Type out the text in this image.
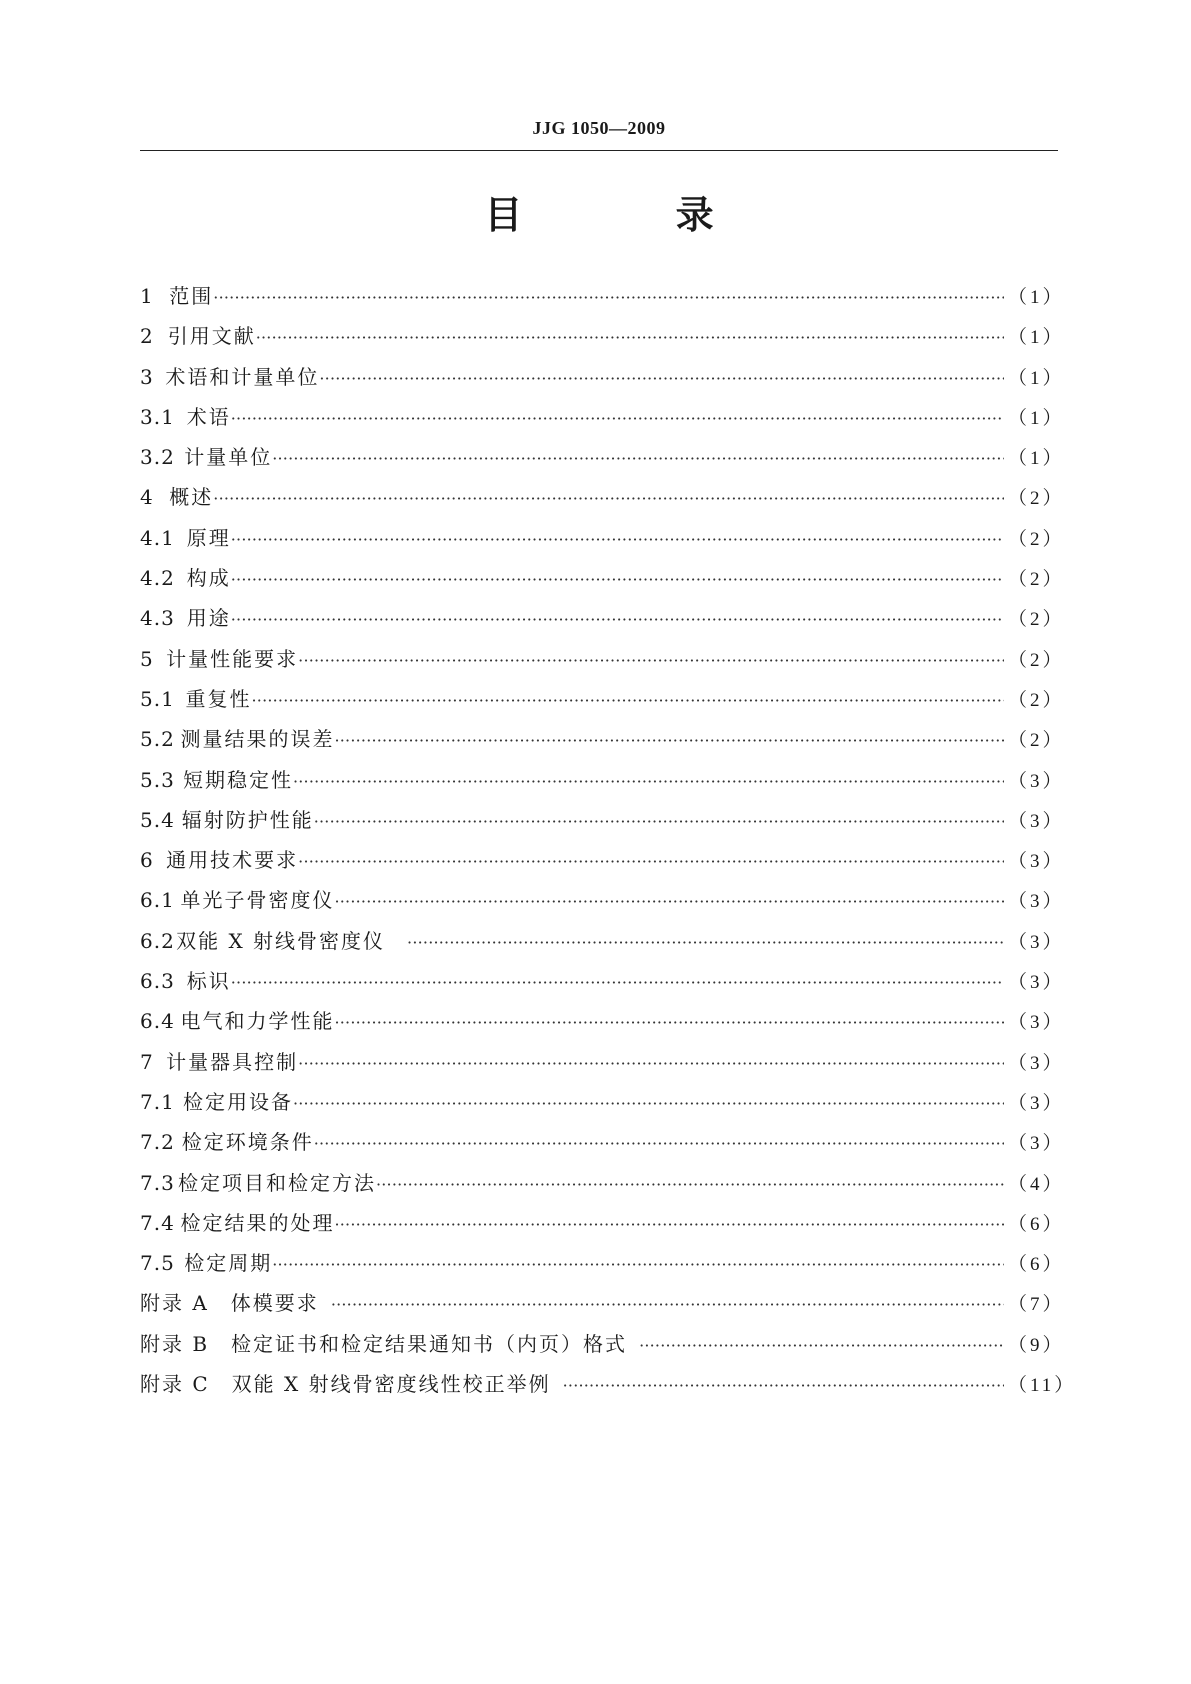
JJG 1050—2009
目 录
1 范围 ·····	（1）
2 引用文献 ·····	（1）
3 术语和计量单位 ·····	（1）
3.1 术语 ·····	（1）
3.2 计量单位 ·····	（1）
4 概述 ·····	（2）
4.1 原理 ·····	（2）
4.2 构成 ·····	（2）
4.3 用途 ·····	（2）
5 计量性能要求 ·····	（2）
5.1 重复性 ·····	（2）
5.2 测量结果的误差 ·····	（2）
5.3 短期稳定性 ·····	（3）
5.4 辐射防护性能 ·····	（3）
6 通用技术要求 ·····	（3）
6.1 单光子骨密度仪 ·····	（3）
6.2 双能 X 射线骨密度仪 ·····	（3）
6.3 标识 ·····	（3）
6.4 电气和力学性能 ·····	（3）
7 计量器具控制 ·····	（3）
7.1 检定用设备 ·····	（3）
7.2 检定环境条件 ·····	（3）
7.3 检定项目和检定方法 ·····	（4）
7.4 检定结果的处理 ·····	（6）
7.5 检定周期 ·····	（6）
附录 A　体模要求 ·····	（7）
附录 B　检定证书和检定结果通知书（内页）格式 ·····	（9）
附录 C　双能 X 射线骨密度线性校正举例 ·····	（11）
